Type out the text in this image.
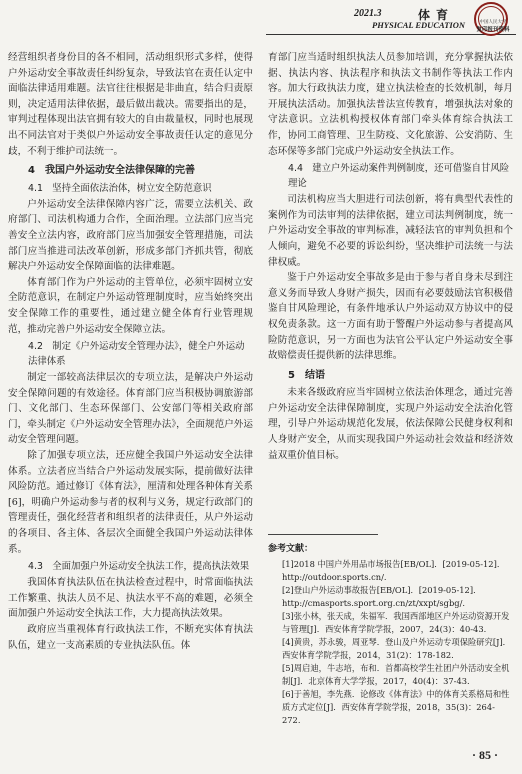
2021.3	体育
PHYSICAL EDUCATION	中国人民大学
复印报刊资料

经营组织者身份目的各不相同，活动组织形式多样，使得户外运动安全事故责任纠纷复杂，导致法官在责任认定中面临法律适用难题。法官往往根据是非曲直，结合归责原则，决定适用法律依据，最后做出裁决。需要指出的是，审判过程体现出法官拥有较大的自由裁量权，同时也展现出不同法官对于类似户外运动安全事故责任认定的意见分歧，不利于维护司法统一。

4　我国户外运动安全法律保障的完善
4.1　坚持全面依法治体，树立安全防范意识

户外运动安全法律保障内容广泛，需要立法机关、政府部门、司法机构通力合作，全面治理。立法部门应当完善安全立法内容，政府部门应当加强安全管理措施，司法部门应当推进司法改革创新，形成多部门齐抓共管，彻底解决户外运动安全保障面临的法律难题。

体育部门作为户外运动的主管单位，必须牢固树立安全防范意识，在制定户外运动管理制度时，应当始终突出安全保障工作的重要性，通过建立健全体育行业管理规范，推动完善户外运动安全保障立法。

4.2　制定《户外运动安全管理办法》，健全户外运动法律体系

制定一部较高法律层次的专项立法，是解决户外运动安全保障问题的有效途径。体育部门应当积极协调旅游部门、文化部门、生态环保部门、公安部门等相关政府部门，牵头制定《户外运动安全管理办法》，全面规范户外运动安全管理问题。

除了加强专项立法，还应健全我国户外运动安全法律体系。立法者应当结合户外运动发展实际，提前做好法律风险防范。通过修订《体育法》，厘清和处理各种体育关系[6]，明确户外运动参与者的权利与义务，规定行政部门的管理责任，强化经营者和组织者的法律责任，从户外运动的各项目、各主体、各层次全面健全我国户外运动法律体系。

4.3　全面加强户外运动安全执法工作，提高执法效果

我国体育执法队伍在执法检查过程中，时常面临执法工作繁重、执法人员不足、执法水平不高的难题，必须全面加强户外运动安全执法工作，大力提高执法效果。

政府应当重视体育行政执法工作，不断充实体育执法队伍，建立一支高素质的专业执法队伍。体

育部门应当适时组织执法人员参加培训，充分掌握执法依据、执法内容、执法程序和执法文书制作等执法工作内容。加大行政执法力度，建立执法检查的长效机制，每月开展执法活动。加强执法普法宣传教育，增强执法对象的守法意识。立法机构授权体育部门牵头体育综合执法工作，协同工商管理、卫生防疫、文化旅游、公安消防、生态环保等多部门完成户外运动安全执法工作。

4.4　建立户外运动案件判例制度，还可借鉴自甘风险理论

司法机构应当大胆进行司法创新，将有典型代表性的案例作为司法审判的法律依据，建立司法判例制度，统一户外运动安全事故的审判标准，减轻法官的审判负担和个人倾向，避免不必要的诉讼纠纷，坚决维护司法统一与法律权威。

鉴于户外运动安全事故多是由于参与者自身未尽到注意义务而导致人身财产损失，因而有必要鼓励法官积极借鉴自甘风险理论，有条件地承认户外运动双方协议中的侵权免责条款。这一方面有助于警醒户外运动参与者提高风险防范意识，另一方面也为法官公平认定户外运动安全事故赔偿责任提供新的法律思维。

5　结语

未来各级政府应当牢固树立依法治体理念，通过完善户外运动安全法律保障制度，实现户外运动安全法治化管理，引导户外运动规范化发展，依法保障公民健身权利和人身财产安全，从而实现我国户外运动社会效益和经济效益双重价值目标。

参考文献：

[1]2018 中国户外用品市场报告[EB/OL]．[2019-05-12]．http://outdoor.sports.cn/.

[2]登山户外运动事故报告[EB/OL]．[2019-05-12]．http://cmasports.sport.org.cn/zt/xxpt/sgbg/.

[3]张小林，张天成，朱福军．我国西部地区户外运动资源开发与管理[J]．西安体育学院学报，2007，24(3)：40-43.

[4]黄贵，苏永骏，周亚琴．登山及户外运动专项保险研究[J]．西安体育学院学报，2014，31(2)：178-182.

[5]周启迪，牛志培，布和．首都高校学生社团户外活动安全机制[J]．北京体育大学学报，2017，40(4)：37-43.

[6]于善旭，李先燕．论修改《体育法》中的体育关系格局和性质方式定位[J]．西安体育学院学报，2018，35(3)：264-272.

· 85 ·
